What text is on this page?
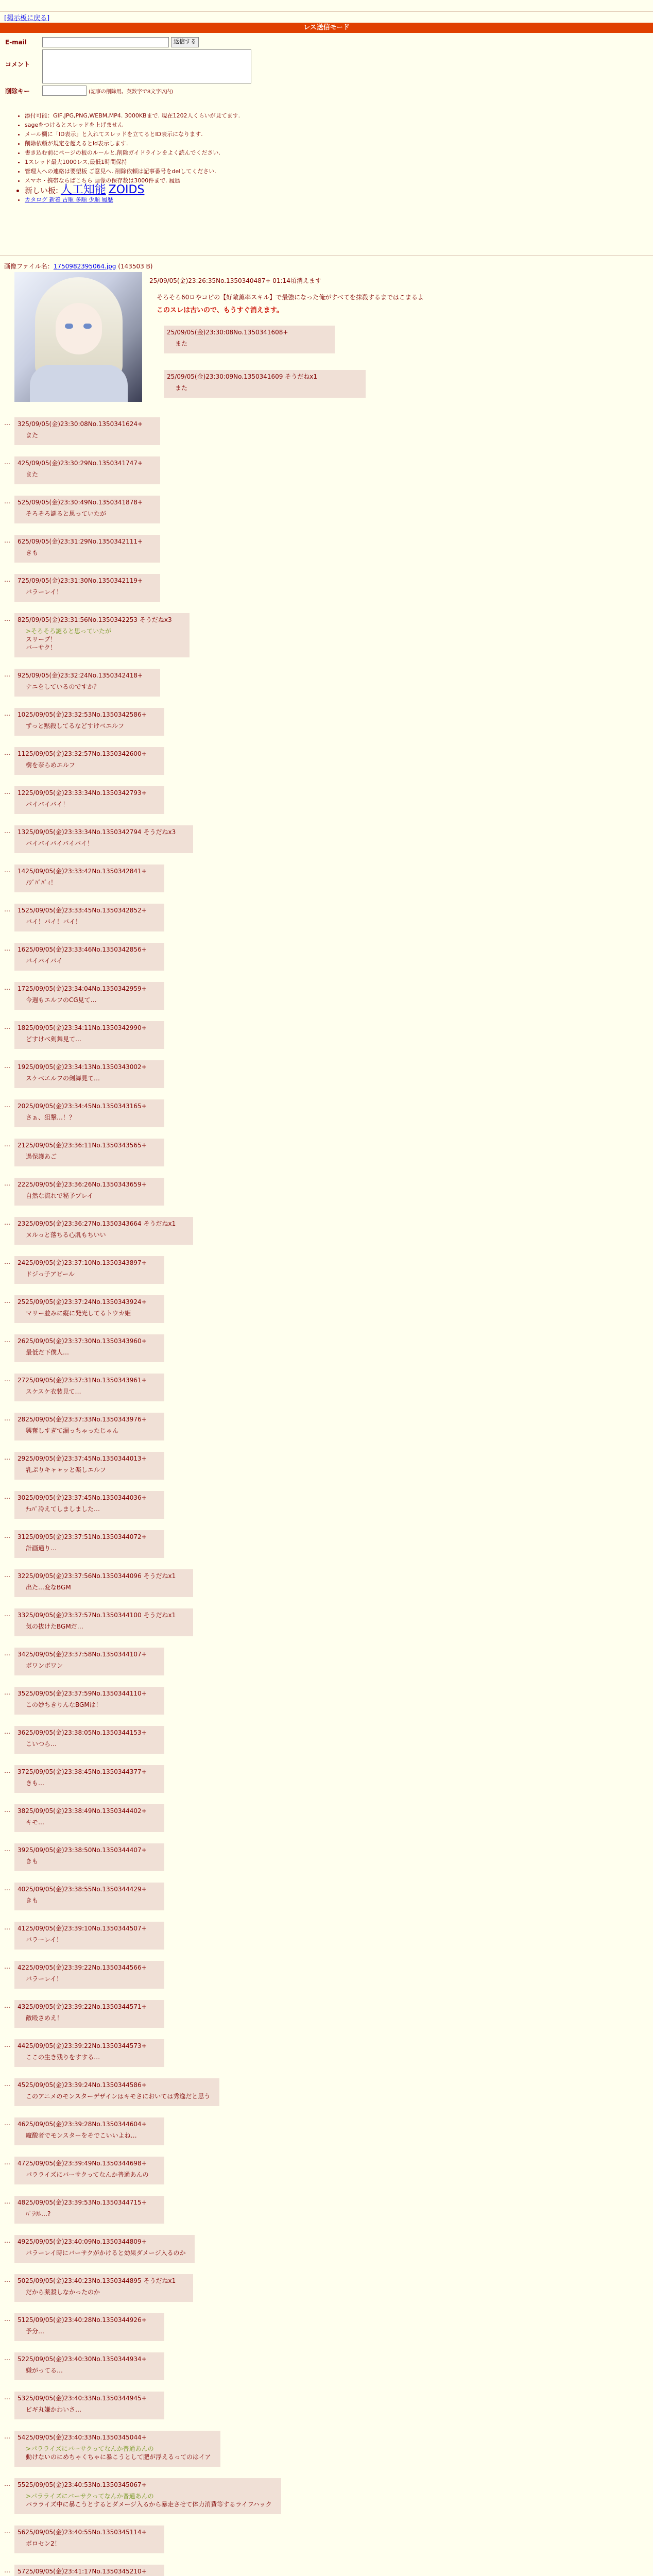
[掲示板に戻る]
レス送信モード
E-mail	返信する
コメント
削除キー	(記事の削除用。英数字で8文字以内)
• 添付可能：GIF,JPG,PNG,WEBM,MP4. 3000KBまで. 現在1202人くらいが見てます.
• sageをつけるとスレッドを上げません
• メール欄に「ID表示」と入れてスレッドを立てるとID表示になります.
• 削除依頼が規定を超えるとid表示します.
• 書き込む前にページの板のルールと,削除ガイドラインをよく読んでください.
• 1スレッド最大1000レス,最低1時間保持
• 管理人への連絡は要望板 ご意見へ. 削除依頼は記事番号をdelしてください.
• スマホ・携帯ならばこちら 画像の保存数は3000件まで. 履歴
• 新しい板: 人工知能 ZOIDS
• カタログ 新着 古順 多順 少順 履歴
画像ファイル名：1750982395064.jpg (143503 B)
25/09/05(金)23:26:35No.1350340487+ 01:14頃消えます
そろそろ60ロやコピの【好敵薫率スキル】で最強になった俺がすべてを抹殺するまではこまるよ
このスレは古いので、もうすぐ消えます。
25/09/05(金)23:30:08No.1350341608+
また
25/09/05(金)23:30:09No.1350341609 そうだねx1
また
… 325/09/05(金)23:30:08No.1350341624+
また
… 425/09/05(金)23:30:29No.1350341747+
また
… 525/09/05(金)23:30:49No.1350341878+
そろそろ謎ると思っていたが
… 625/09/05(金)23:31:29No.1350342111+
きも
… 725/09/05(金)23:31:30No.1350342119+
バラーレイ！
… 825/09/05(金)23:31:56No.1350342253 そうだねx3
>そろそろ謎ると思っていたが
スリープ！
バーサク！
… 925/09/05(金)23:32:24No.1350342418+
ナニをしているのですか？
… 1025/09/05(金)23:32:53No.1350342586+
ずっと黙殺してるなどすけベエルフ
… 1125/09/05(金)23:32:57No.1350342600+
樹を奈らめエルフ
… 1225/09/05(金)23:33:34No.1350342793+
バイバイバイ！
… 1325/09/05(金)23:33:34No.1350342794 そうだねx3
バイバイバイバイバイ！
… 1425/09/05(金)23:33:42No.1350342841+
ﾉｼﾞﾊﾞﾊﾞｨ！
… 1525/09/05(金)23:33:45No.1350342852+
バイ！バイ！バイ！
… 1625/09/05(金)23:33:46No.1350342856+
バイバイバイ
… 1725/09/05(金)23:34:04No.1350342959+
今週もエルフのCG見て…
… 1825/09/05(金)23:34:11No.1350342990+
どすけべ剣舞見て…
… 1925/09/05(金)23:34:13No.1350343002+
スケベエルフの剣舞見て…
… 2025/09/05(金)23:34:45No.1350343165+
さぁ、狙撃…！？
… 2125/09/05(金)23:36:11No.1350343565+
過保護あご
… 2225/09/05(金)23:36:26No.1350343659+
自然な流れで秘予ブレイ
… 2325/09/05(金)23:36:27No.1350343664 そうだねx1
ヌルっと落ちる心肌もちいい
… 2425/09/05(金)23:37:10No.1350343897+
ドジっ子アピール
… 2525/09/05(金)23:37:24No.1350343924+
マリー並みに縦に発光してるトウカ姫
… 2625/09/05(金)23:37:30No.1350343960+
最低だ下僕人…
… 2725/09/05(金)23:37:31No.1350343961+
スケスケ衣装見て…
… 2825/09/05(金)23:37:33No.1350343976+
興奮しすぎて漏っちゃったじゃん
… 2925/09/05(金)23:37:45No.1350344013+
乳ぷりキャャッと楽しエルフ
… 3025/09/05(金)23:37:45No.1350344036+
ﾁｭﾊﾟ冷えてしましました…
… 3125/09/05(金)23:37:51No.1350344072+
計画通り…
… 3225/09/05(金)23:37:56No.1350344096 そうだねx1
出た…変なBGM
… 3325/09/05(金)23:37:57No.1350344100 そうだねx1
気の抜けたBGMだ…
… 3425/09/05(金)23:37:58No.1350344107+
ボワンボワン
… 3525/09/05(金)23:37:59No.1350344110+
この妙ちきりんなBGMは！
… 3625/09/05(金)23:38:05No.1350344153+
こいつら…
… 3725/09/05(金)23:38:45No.1350344377+
きも…
… 3825/09/05(金)23:38:49No.1350344402+
キモ…
… 3925/09/05(金)23:38:50No.1350344407+
きも
… 4025/09/05(金)23:38:55No.1350344429+
きも
… 4125/09/05(金)23:39:10No.1350344507+
バラーレイ！
… 4225/09/05(金)23:39:22No.1350344566+
バラーレイ！
… 4325/09/05(金)23:39:22No.1350344571+
敵殴さめえ！
… 4425/09/05(金)23:39:22No.1350344573+
ここの生き残りをすする…
… 4525/09/05(金)23:39:24No.1350344586+
このアニメのモンスターデザインはキモさにおいては秀逸だと思う
… 4625/09/05(金)23:39:28No.1350344604+
魔酸者でモンスターをそでこいいよね…
… 4725/09/05(金)23:39:49No.1350344698+
パラライズにバーサクってなんか普通あんの
… 4825/09/05(金)23:39:53No.1350344715+
ﾊﾟﾗﾘﾙ…?
… 4925/09/05(金)23:40:09No.1350344809+
バラーレイ時にバーサクがかけると効果ダメージ入るのか
… 5025/09/05(金)23:40:23No.1350344895 そうだねx1
だから薬殺しなかったのか
… 5125/09/05(金)23:40:28No.1350344926+
予分…
… 5225/09/05(金)23:40:30No.1350344934+
嫌がってる…
… 5325/09/05(金)23:40:33No.1350344945+
ビギ丸嫌かわいさ…
… 5425/09/05(金)23:40:33No.1350345044+
>パラライズにバーサクってなんか普通あんの
動けないのにめちゃくちゃに暴こうとして肥が浮えるってのはイア
… 5525/09/05(金)23:40:53No.1350345067+
>パラライズにバーサクってなんか普通あんの
パラライズ中に暴こうとするとダメージ入るから暴走させて体力消費等するライフハック
… 5625/09/05(金)23:40:55No.1350345114+
ボロセン2！
… 5725/09/05(金)23:41:17No.1350345210+
